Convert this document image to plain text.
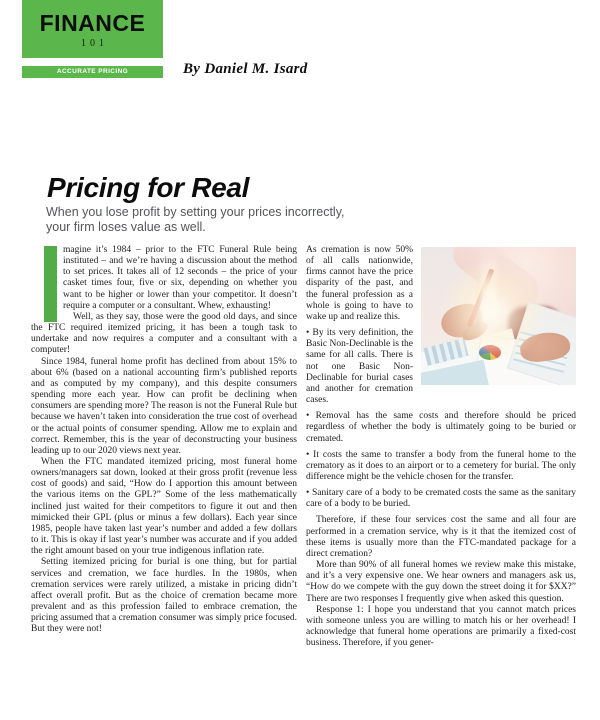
FINANCE
101
ACCURATE PRICING	By Daniel M. Isard
Pricing for Real
When you lose profit by setting your prices incorrectly,
your firm loses value as well.

magine it’s 1984 – prior to the FTC Funeral Rule being instituted – and we’re having a discussion about the method to set prices. It takes all of 12 seconds – the price of your casket times four, five or six, depending on whether you want to be higher or lower than your competitor. It doesn’t require a computer or a consultant. Whew, exhausting!

Well, as they say, those were the good old days, and since the FTC required itemized pricing, it has been a tough task to undertake and now requires a computer and a consultant with a computer!

Since 1984, funeral home profit has declined from about 15% to about 6% (based on a national accounting firm’s published reports and as computed by my company), and this despite consumers spending more each year. How can profit be declining when consumers are spending more? The reason is not the Funeral Rule but because we haven’t taken into consideration the true cost of overhead or the actual points of consumer spending. Allow me to explain and correct. Remember, this is the year of deconstructing your business leading up to our 2020 views next year.

When the FTC mandated itemized pricing, most funeral home owners/managers sat down, looked at their gross profit (revenue less cost of goods) and said, “How do I apportion this amount between the various items on the GPL?” Some of the less mathematically inclined just waited for their competitors to figure it out and then mimicked their GPL (plus or minus a few dollars). Each year since 1985, people have taken last year’s number and added a few dollars to it. This is okay if last year’s number was accurate and if you added the right amount based on your true indigenous inflation rate.

Setting itemized pricing for burial is one thing, but for partial services and cremation, we face hurdles. In the 1980s, when cremation services were rarely utilized, a mistake in pricing didn’t affect overall profit. But as the choice of cremation became more prevalent and as this profession failed to embrace cremation, the pricing assumed that a cremation consumer was simply price focused. But they were not!

As cremation is now 50% of all calls nationwide, firms cannot have the price disparity of the past, and the funeral profession as a whole is going to have to wake up and realize this.

• By its very definition, the Basic Non-Declinable is the same for all calls. There is not one Basic Non-Declinable for burial cases and another for cremation cases.

• Removal has the same costs and therefore should be priced regardless of whether the body is ultimately going to be buried or cremated.

• It costs the same to transfer a body from the funeral home to the crematory as it does to an airport or to a cemetery for burial. The only difference might be the vehicle chosen for the transfer.

• Sanitary care of a body to be cremated costs the same as the sanitary care of a body to be buried.

Therefore, if these four services cost the same and all four are performed in a cremation service, why is it that the itemized cost of these items is usually more than the FTC-mandated package for a direct cremation?

More than 90% of all funeral homes we review make this mistake, and it’s a very expensive one. We hear owners and managers ask us, “How do we compete with the guy down the street doing it for $XX?” There are two responses I frequently give when asked this question.

Response 1: I hope you understand that you cannot match prices with someone unless you are willing to match his or her overhead! I acknowledge that funeral home operations are primarily a fixed-cost business. Therefore, if you gener-
